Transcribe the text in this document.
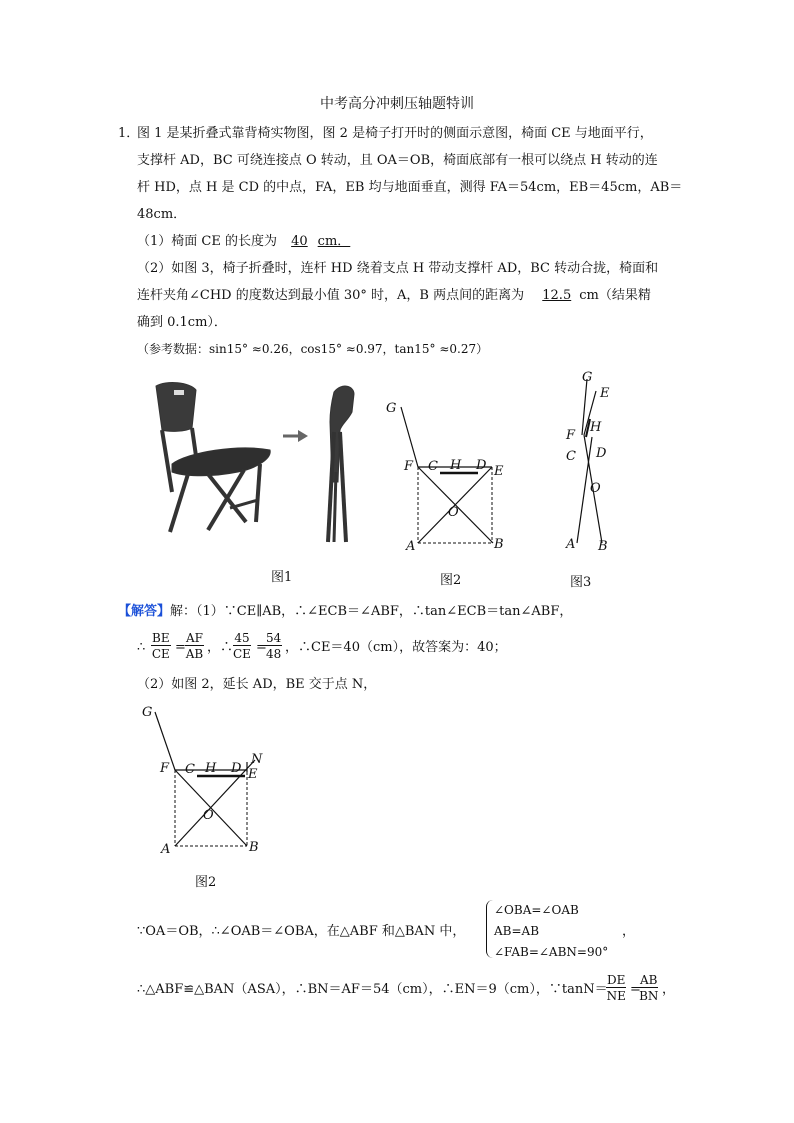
中考高分冲刺压轴题特训
1．
图 1 是某折叠式靠背椅实物图，图 2 是椅子打开时的侧面示意图，椅面 CE 与地面平行，
支撑杆 AD，BC 可绕连接点 O 转动，且 OA＝OB，椅面底部有一根可以绕点 H 转动的连
杆 HD，点 H 是 CD 的中点，FA，EB 均与地面垂直，测得 FA＝54cm，EB＝45cm，AB＝
48cm．
（1）椅面 CE 的长度为 40 cm．
（2）如图 3，椅子折叠时，连杆 HD 绕着支点 H 带动支撑杆 AD，BC 转动合拢，椅面和
连杆夹角∠CHD 的度数达到最小值 30° 时，A，B 两点间的距离为 12.5 cm（结果精
确到 0.1cm）．
（参考数据：sin15° ≈0.26，cos15° ≈0.97，tan15° ≈0.27）
G
F C H D E
O
A	B
G
E
F
H
C D
O
A B
图1	图2	图3
【解答】解：（1）∵CE∥AB，∴∠ECB＝∠ABF，∴tan∠ECB＝tan∠ABF，
∴ $\frac{BE}{CE} = \frac{AF}{AB}$ ，∴ $\frac{45}{CE}$ =
$\frac{54}{48}$ ，∴CE＝40（cm），故答案为：40；
（2）如图 2，延长 AD，BE 交于点 N，
G
N
F C H D E
O
A	B
图2
∵OA＝OB，∴∠OAB＝∠OBA，在△ABF 和△BAN 中，
∠OBA=∠OAB
AB=AB
∠FAB=∠ABN=90°
，
∴△ABF≌△BAN（ASA），∴BN＝AF＝54（cm），∴EN＝9（cm），∵tanN＝
$\frac{DE}{NE}$ =
$\frac{AB}{BN}$ ，
